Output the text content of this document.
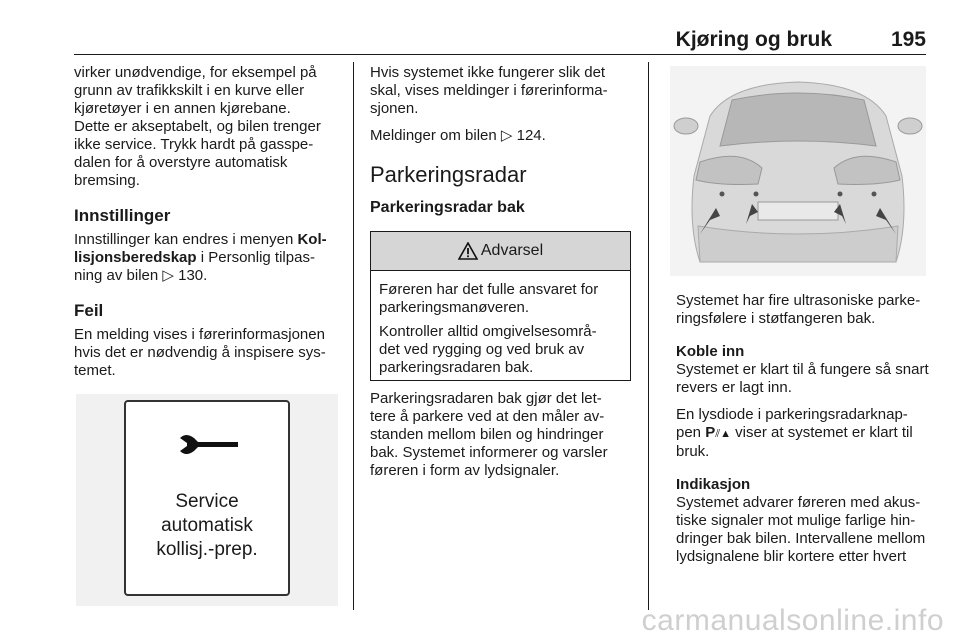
Kjøring og bruk	195

virker unødvendige, for eksempel på
grunn av trafikkskilt i en kurve eller
kjøretøyer i en annen kjørebane.
Dette er akseptabelt, og bilen trenger
ikke service. Trykk hardt på gasspe-
dalen for å overstyre automatisk
bremsing.

Innstillinger

Innstillinger kan endres i menyen Kol-
lisjonsberedskap i Personlig tilpas-
ning av bilen ▷ 130.

Feil

En melding vises i førerinformasjonen
hvis det er nødvendig å inspisere sys-
temet.

Service
automatisk
kollisj.-prep.

Hvis systemet ikke fungerer slik det
skal, vises meldinger i førerinforma-
sjonen.

Meldinger om bilen ▷ 124.

Parkeringsradar
Parkeringsradar bak
Advarsel

Føreren har det fulle ansvaret for
parkeringsmanøveren.

Kontroller alltid omgivelsesområ-
det ved rygging og ved bruk av
parkeringsradaren bak.

Parkeringsradaren bak gjør det let-
tere å parkere ved at den måler av-
standen mellom bilen og hindringer
bak. Systemet informerer og varsler
føreren i form av lydsignaler.

Systemet har fire ultrasoniske parke-
ringsfølere i støtfangeren bak.

Koble inn

Systemet er klart til å fungere så snart
revers er lagt inn.

En lysdiode i parkeringsradarknap-
pen P⫽▲ viser at systemet er klart til
bruk.

Indikasjon

Systemet advarer føreren med akus-
tiske signaler mot mulige farlige hin-
dringer bak bilen. Intervallene mellom
lydsignalene blir kortere etter hvert

carmanualsonline.info
